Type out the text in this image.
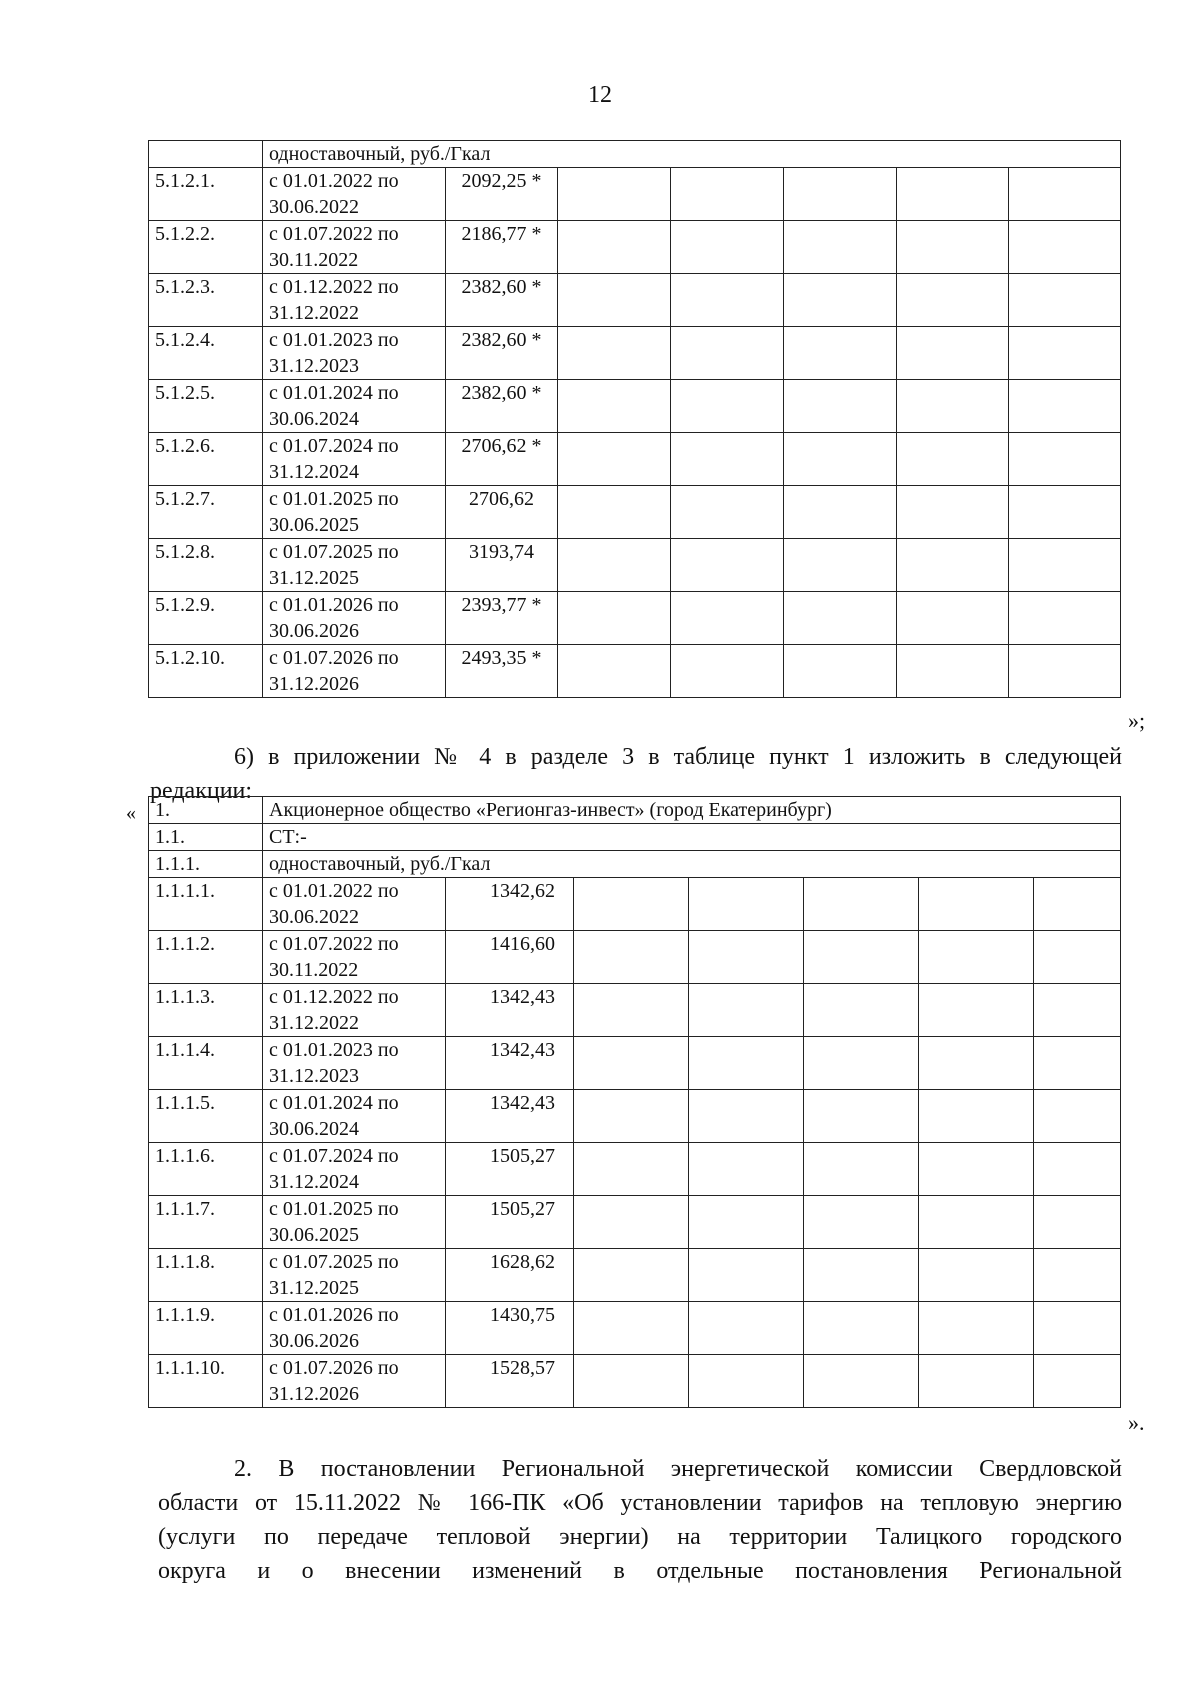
12
	одноставочный, руб./Гкал						
5.1.2.1.	с 01.01.2022 по 30.06.2022	2092,25 *					
5.1.2.2.	с 01.07.2022 по 30.11.2022	2186,77 *					
5.1.2.3.	с 01.12.2022 по 31.12.2022	2382,60 *					
5.1.2.4.	с 01.01.2023 по 31.12.2023	2382,60 *					
5.1.2.5.	с 01.01.2024 по 30.06.2024	2382,60 *					
5.1.2.6.	с 01.07.2024 по 31.12.2024	2706,62 *					
5.1.2.7.	с 01.01.2025 по 30.06.2025	2706,62					
5.1.2.8.	с 01.07.2025 по 31.12.2025	3193,74					
5.1.2.9.	с 01.01.2026 по 30.06.2026	2393,77 *					
5.1.2.10.	с 01.07.2026 по 31.12.2026	2493,35 *					
»;
6) в приложении № 4 в разделе 3 в таблице пункт 1 изложить в следующей
редакции:
« 1.	Акционерное общество «Регионгаз-инвест» (город Екатеринбург)						
1.1.	СТ:-						
1.1.1.	одноставочный, руб./Гкал						
1.1.1.1.	с 01.01.2022 по 30.06.2022	1342,62					
1.1.1.2.	с 01.07.2022 по 30.11.2022	1416,60					
1.1.1.3.	с 01.12.2022 по 31.12.2022	1342,43					
1.1.1.4.	с 01.01.2023 по 31.12.2023	1342,43					
1.1.1.5.	с 01.01.2024 по 30.06.2024	1342,43					
1.1.1.6.	с 01.07.2024 по 31.12.2024	1505,27					
1.1.1.7.	с 01.01.2025 по 30.06.2025	1505,27					
1.1.1.8.	с 01.07.2025 по 31.12.2025	1628,62					
1.1.1.9.	с 01.01.2026 по 30.06.2026	1430,75					
1.1.1.10.	с 01.07.2026 по 31.12.2026	1528,57					
».
2. В постановлении Региональной энергетической комиссии Свердловской
области от 15.11.2022 № 166-ПК «Об установлении тарифов на тепловую энергию
(услуги по передаче тепловой энергии) на территории Талицкого городского
округа и о внесении изменений в отдельные постановления Региональной
